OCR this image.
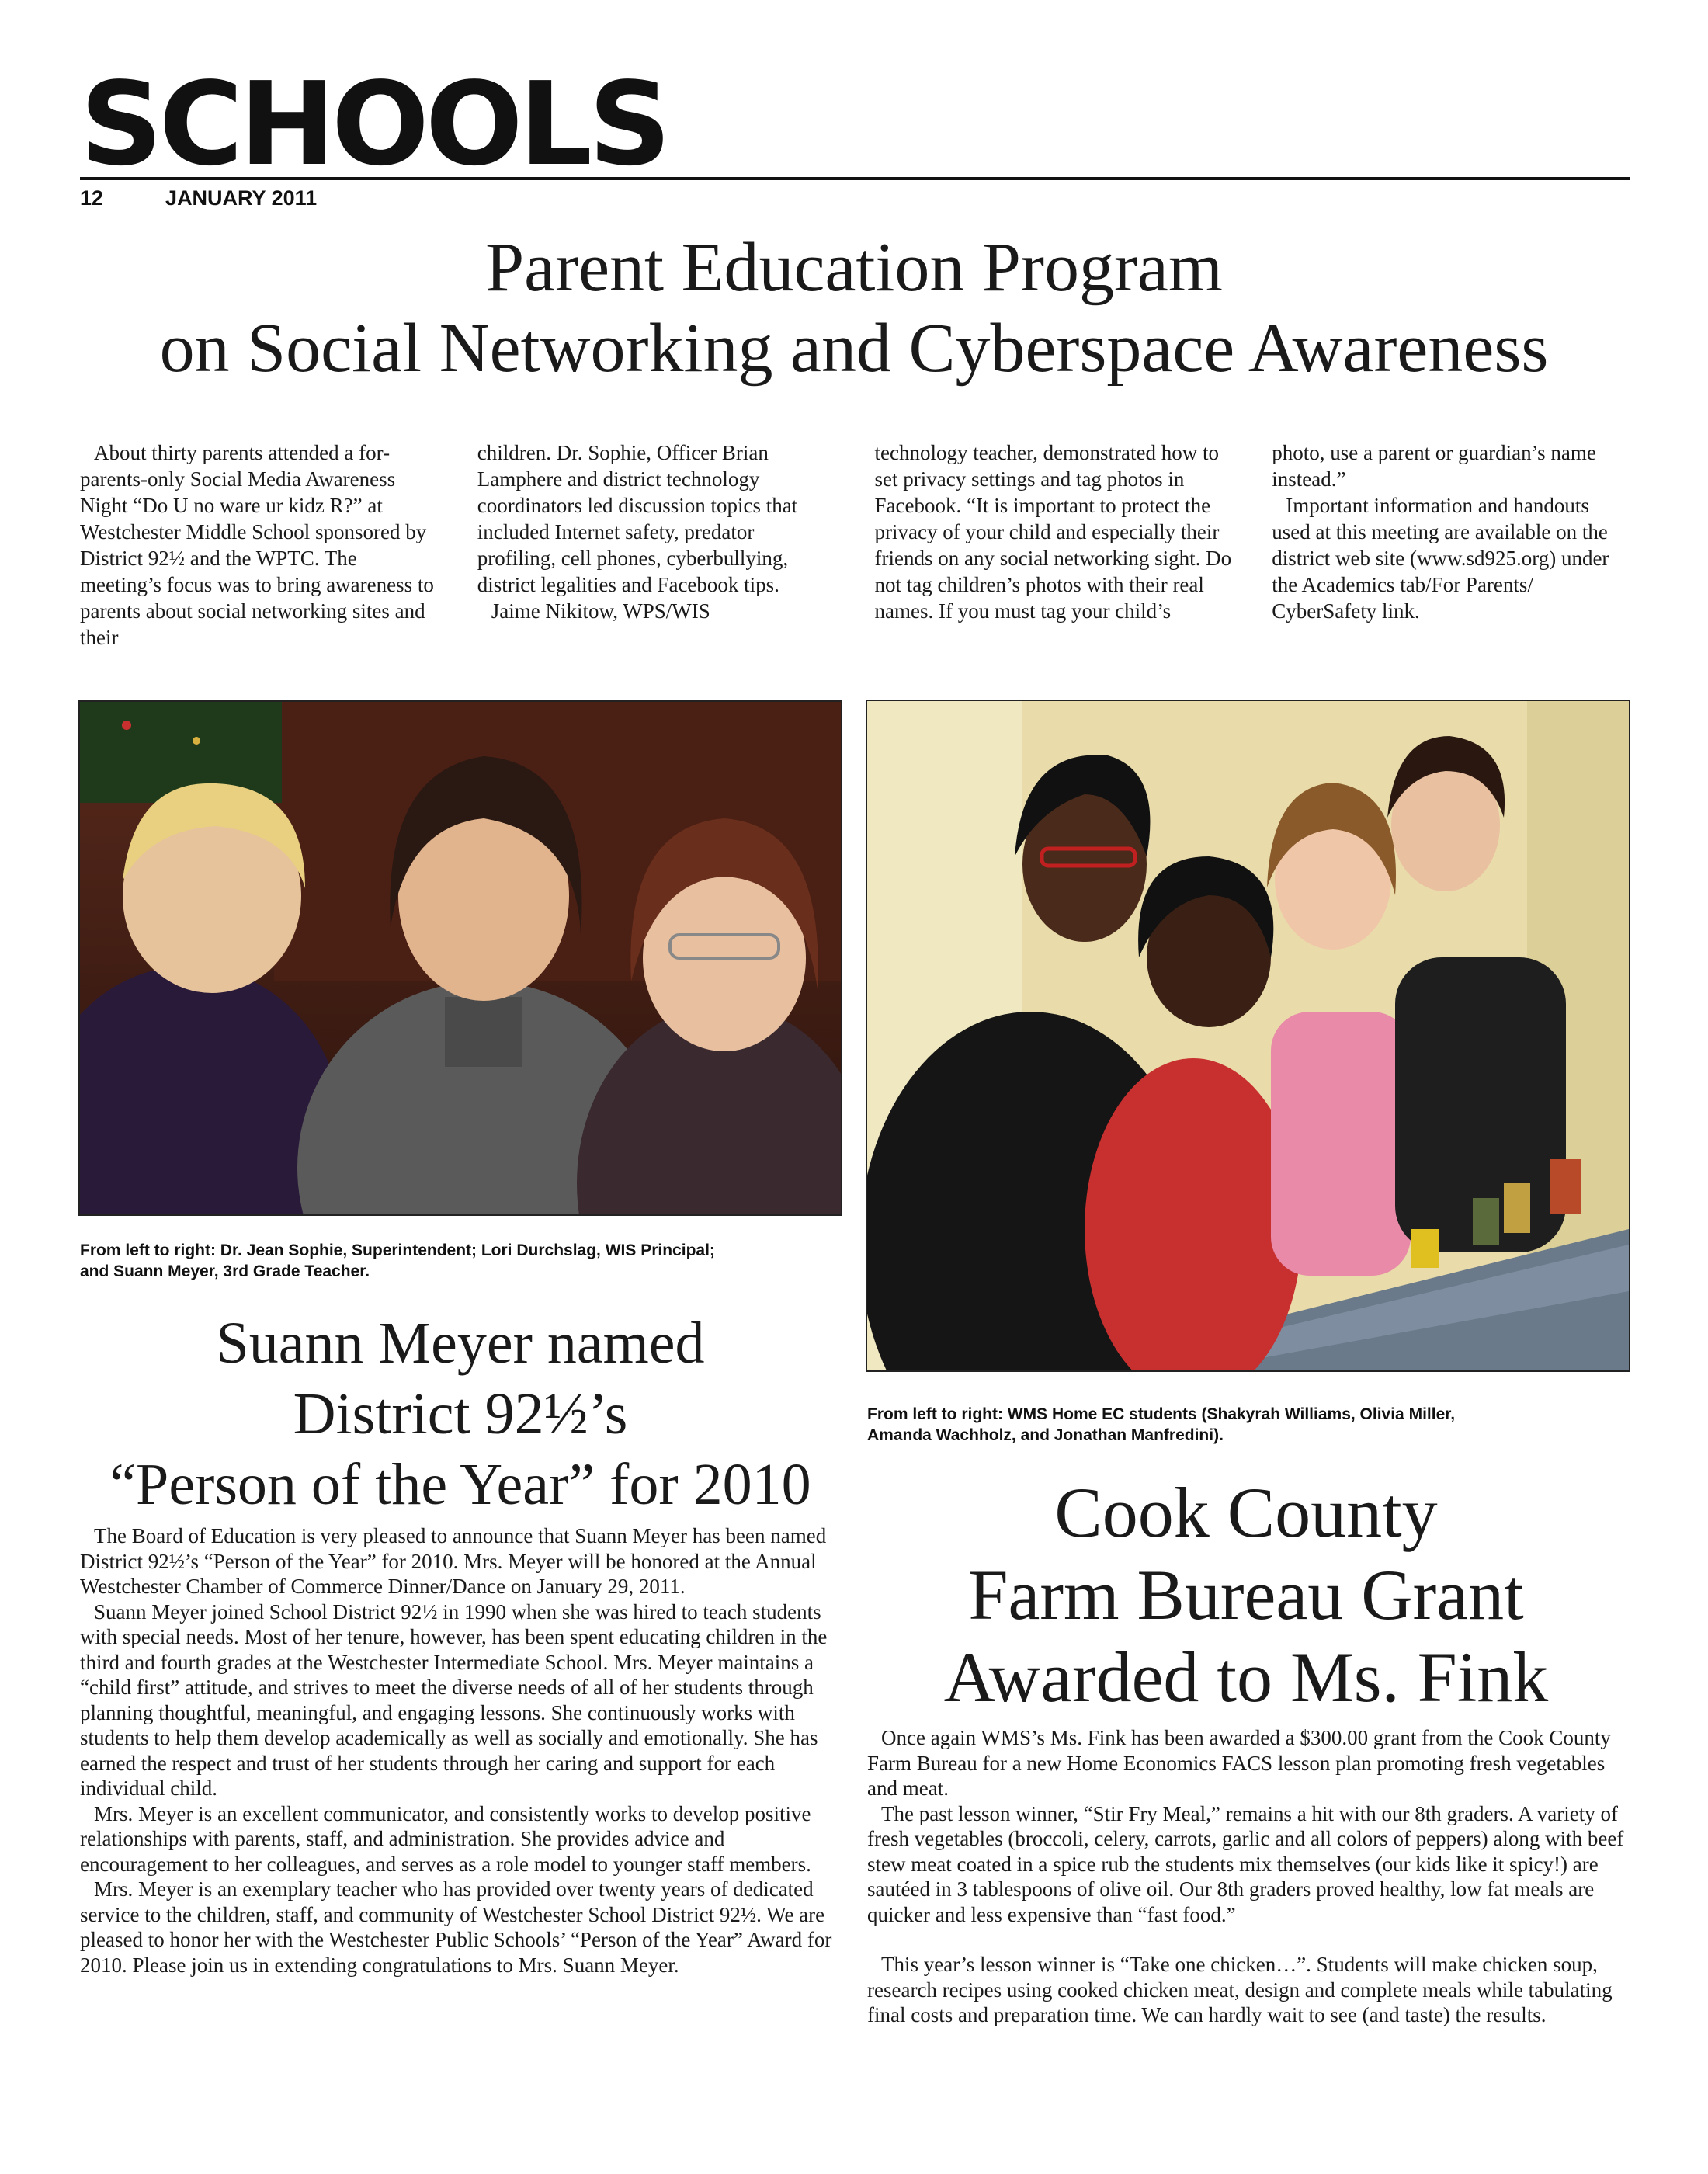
SCHOOLS
12	JANUARY 2011
Parent Education Program
on Social Networking and Cyberspace Awareness

About thirty parents attended a for-parents-only Social Media Awareness Night “Do U no ware ur kidz R?” at Westchester Middle School sponsored by District 92½ and the WPTC. The meeting’s focus was to bring awareness to parents about social networking sites and their

children. Dr. Sophie, Officer Brian Lamphere and district technology coordinators led discussion topics that included Internet safety, predator profiling, cell phones, cyberbullying, district legalities and Facebook tips.

Jaime Nikitow, WPS/WIS

technology teacher, demonstrated how to set privacy settings and tag photos in Facebook. “It is important to protect the privacy of your child and especially their friends on any social networking sight. Do not tag children’s photos with their real names. If you must tag your child’s

photo, use a parent or guardian’s name instead.”

Important information and handouts used at this meeting are available on the district web site (www.sd925.org) under the Academics tab/For Parents/ CyberSafety link.

From left to right: Dr. Jean Sophie, Superintendent; Lori Durchslag, WIS Principal;

and Suann Meyer, 3rd Grade Teacher.

From left to right: WMS Home EC students (Shakyrah Williams, Olivia Miller,

Amanda Wachholz, and Jonathan Manfredini).

Suann Meyer named
District 92½’s
“Person of the Year” for 2010

The Board of Education is very pleased to announce that Suann Meyer has been named District 92½’s “Person of the Year” for 2010. Mrs. Meyer will be honored at the Annual Westchester Chamber of Commerce Dinner/Dance on January 29, 2011.

Suann Meyer joined School District 92½ in 1990 when she was hired to teach students with special needs. Most of her tenure, however, has been spent educating children in the third and fourth grades at the Westchester Intermediate School. Mrs. Meyer maintains a “child first” attitude, and strives to meet the diverse needs of all of her students through planning thoughtful, meaningful, and engaging lessons. She continuously works with students to help them develop academically as well as socially and emotionally. She has earned the respect and trust of her students through her caring and support for each individual child.

Mrs. Meyer is an excellent communicator, and consistently works to develop positive relationships with parents, staff, and administration. She provides advice and encouragement to her colleagues, and serves as a role model to younger staff members.

Mrs. Meyer is an exemplary teacher who has provided over twenty years of dedicated service to the children, staff, and community of Westchester School District 92½. We are pleased to honor her with the Westchester Public Schools’ “Person of the Year” Award for 2010. Please join us in extending congratulations to Mrs. Suann Meyer.

Cook County
Farm Bureau Grant
Awarded to Ms. Fink

Once again WMS’s Ms. Fink has been awarded a $300.00 grant from the Cook County Farm Bureau for a new Home Economics FACS lesson plan promoting fresh vegetables and meat.

The past lesson winner, “Stir Fry Meal,” remains a hit with our 8th graders. A variety of fresh vegetables (broccoli, celery, carrots, garlic and all colors of peppers) along with beef stew meat coated in a spice rub the students mix themselves (our kids like it spicy!) are sautéed in 3 tablespoons of olive oil. Our 8th graders proved healthy, low fat meals are quicker and less expensive than “fast food.”

This year’s lesson winner is “Take one chicken…”. Students will make chicken soup, research recipes using cooked chicken meat, design and complete meals while tabulating final costs and preparation time. We can hardly wait to see (and taste) the results.
